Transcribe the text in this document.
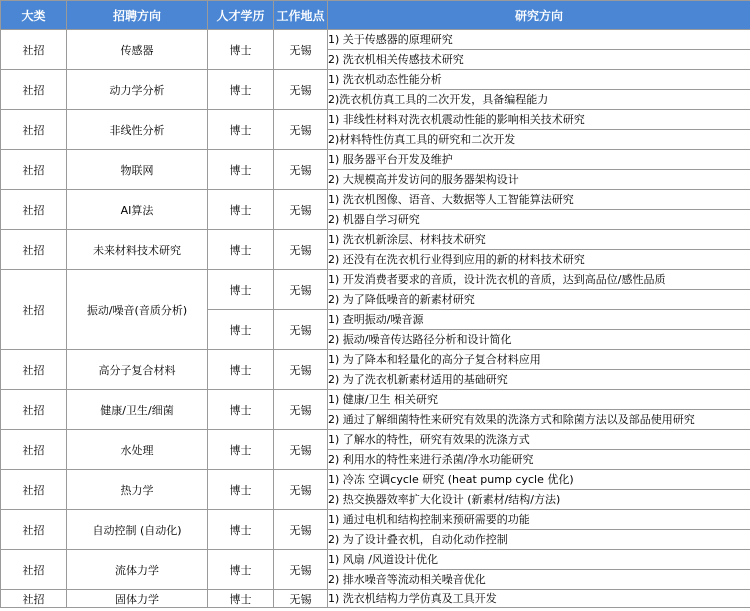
大类	招聘方向	人才学历	工作地点	研究方向
社招	传感器	博士	无锡	1) 关于传感器的原理研究
2) 洗衣机相关传感技术研究

社招	动力学分析	博士	无锡	1) 洗衣机动态性能分析
2)洗衣机仿真工具的二次开发，具备编程能力

社招	非线性分析	博士	无锡	1) 非线性材料对洗衣机震动性能的影响相关技术研究
2)材料特性仿真工具的研究和二次开发

社招	物联网	博士	无锡	1) 服务器平台开发及维护
2) 大规模高并发访问的服务器架构设计

社招	AI算法	博士	无锡	1) 洗衣机图像、语音、大数据等人工智能算法研究
2) 机器自学习研究

社招	未来材料技术研究	博士	无锡	1) 洗衣机新涂层、材料技术研究
2) 还没有在洗衣机行业得到应用的新的材料技术研究

社招	振动/噪音(音质分析)	博士	无锡	1) 开发消费者要求的音质，设计洗衣机的音质，达到高品位/感性品质
2) 为了降低噪音的新素材研究

		博士	无锡	1) 查明振动/噪音源
2) 振动/噪音传达路径分析和设计简化

社招	高分子复合材料	博士	无锡	1) 为了降本和轻量化的高分子复合材料应用
2) 为了洗衣机新素材适用的基础研究

社招	健康/卫生/细菌	博士	无锡	1) 健康/卫生 相关研究
2) 通过了解细菌特性来研究有效果的洗涤方式和除菌方法以及部品使用研究

社招	水处理	博士	无锡	1) 了解水的特性，研究有效果的洗涤方式
2) 利用水的特性来进行杀菌/净水功能研究

社招	热力学	博士	无锡	1) 冷冻 空调cycle 研究 (heat pump cycle 优化)
2) 热交换器效率扩大化设计 (新素材/结构/方法)

社招	自动控制 (自动化)	博士	无锡	1) 通过电机和结构控制来预研需要的功能
2) 为了设计叠衣机，自动化动作控制

社招	流体力学	博士	无锡	1) 风扇 /风道设计优化
2) 排水噪音等流动相关噪音优化

社招	固体力学	博士	无锡	1) 洗衣机结构力学仿真及工具开发
